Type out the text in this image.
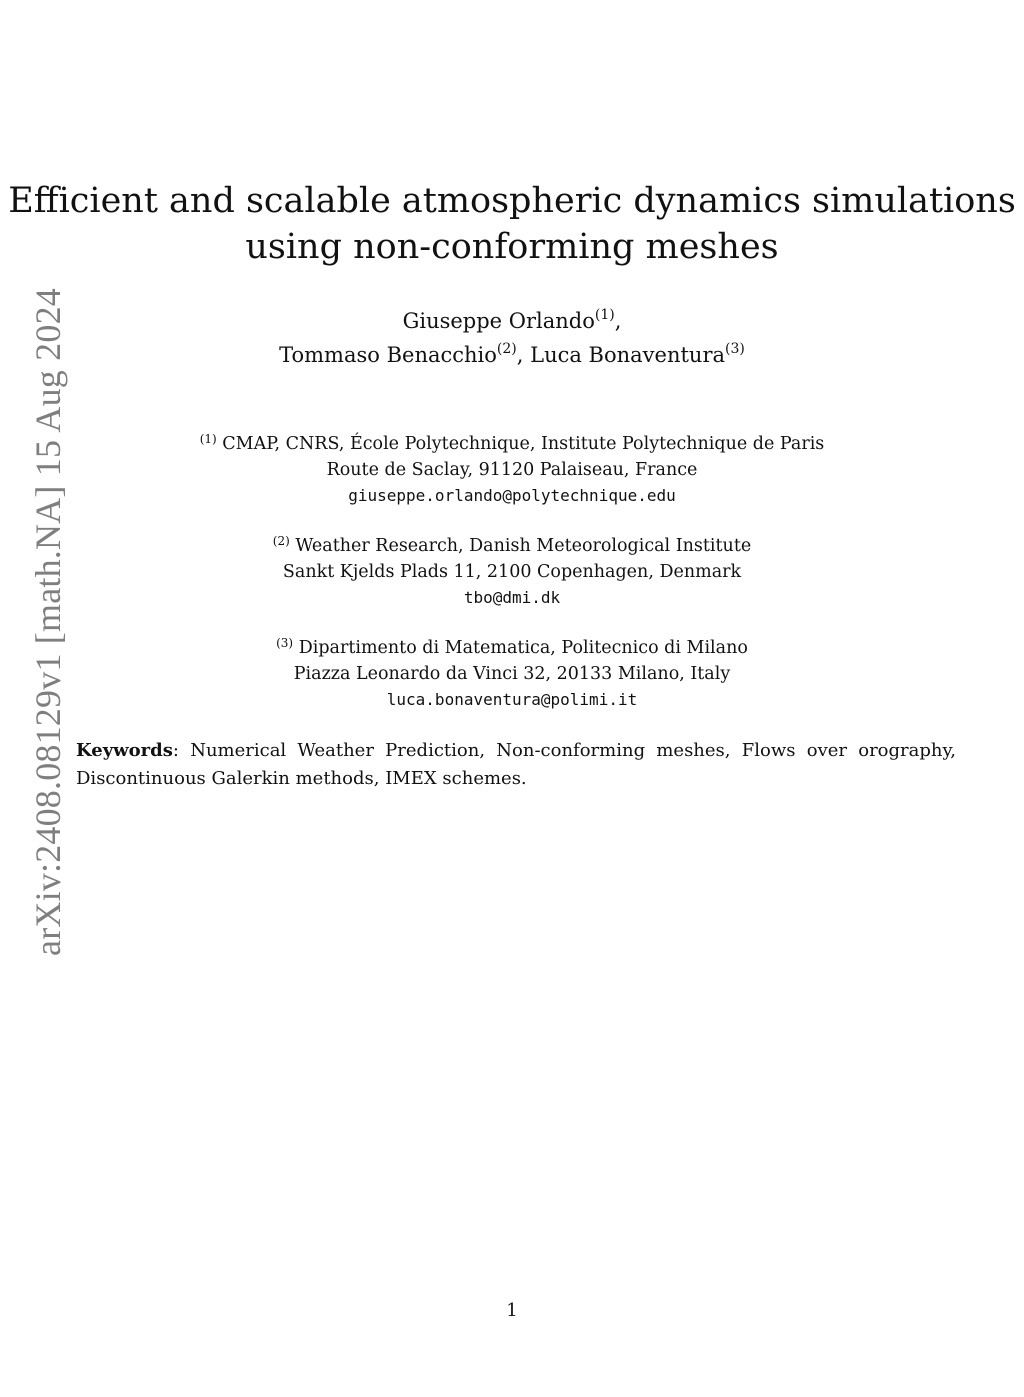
arXiv:2408.08129v1 [math.NA] 15 Aug 2024
Efficient and scalable atmospheric dynamics simulations
using non-conforming meshes
Giuseppe Orlando$^{(1)}$,
Tommaso Benacchio$^{(2)}$, Luca Bonaventura$^{(3)}$
$^{(1)}$ CMAP, CNRS, École Polytechnique, Institute Polytechnique de Paris
Route de Saclay, 91120 Palaiseau, France
giuseppe.orlando@polytechnique.edu
$^{(2)}$ Weather Research, Danish Meteorological Institute
Sankt Kjelds Plads 11, 2100 Copenhagen, Denmark
tbo@dmi.dk
$^{(3)}$ Dipartimento di Matematica, Politecnico di Milano
Piazza Leonardo da Vinci 32, 20133 Milano, Italy
luca.bonaventura@polimi.it
Keywords: Numerical Weather Prediction, Non-conforming meshes, Flows over orography, Discontinuous Galerkin methods, IMEX schemes.
1
